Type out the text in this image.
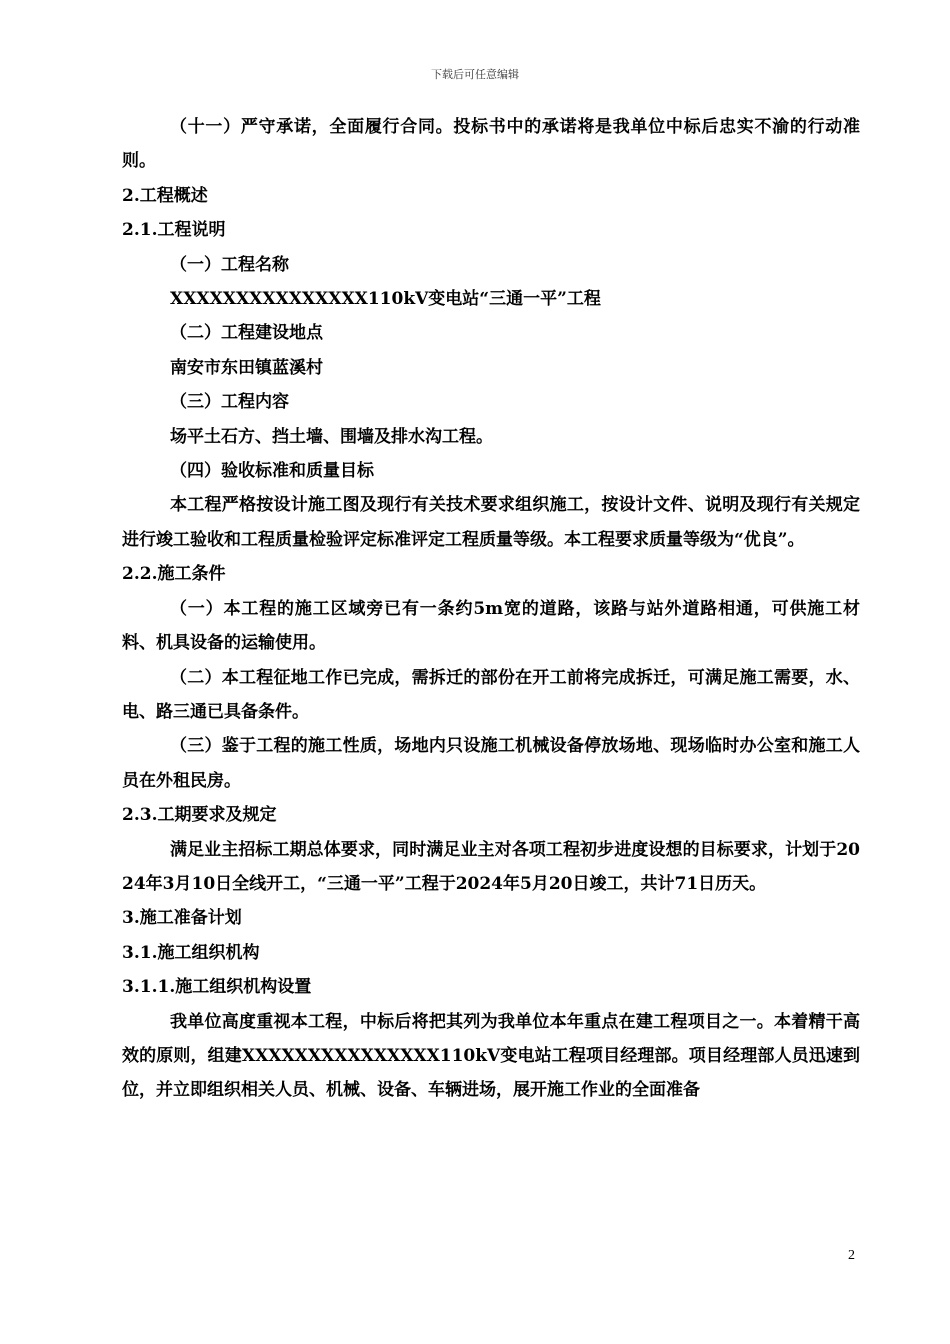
下载后可任意编辑

（十一）严守承诺，全面履行合同。投标书中的承诺将是我单位中标后忠实不渝的行动准则。

2.工程概述

2.1.工程说明

（一）工程名称

XXXXXXXXXXXXXXX110kV变电站“三通一平”工程

（二）工程建设地点

南安市东田镇蓝溪村

（三）工程内容

场平土石方、挡土墙、围墙及排水沟工程。

（四）验收标准和质量目标

本工程严格按设计施工图及现行有关技术要求组织施工，按设计文件、说明及现行有关规定进行竣工验收和工程质量检验评定标准评定工程质量等级。本工程要求质量等级为“优良”。

2.2.施工条件

（一）本工程的施工区域旁已有一条约5m宽的道路，该路与站外道路相通，可供施工材料、机具设备的运输使用。

（二）本工程征地工作已完成，需拆迁的部份在开工前将完成拆迁，可满足施工需要，水、电、路三通已具备条件。

（三）鉴于工程的施工性质，场地内只设施工机械设备停放场地、现场临时办公室和施工人员在外租民房。

2.3.工期要求及规定

满足业主招标工期总体要求，同时满足业主对各项工程初步进度设想的目标要求，计划于2024年3月10日全线开工，“三通一平”工程于2024年5月20日竣工，共计71日历天。

3.施工准备计划

3.1.施工组织机构

3.1.1.施工组织机构设置

我单位高度重视本工程，中标后将把其列为我单位本年重点在建工程项目之一。本着精干高效的原则，组建XXXXXXXXXXXXXXX110kV变电站工程项目经理部。项目经理部人员迅速到位，并立即组织相关人员、机械、设备、车辆进场，展开施工作业的全面准备

2
